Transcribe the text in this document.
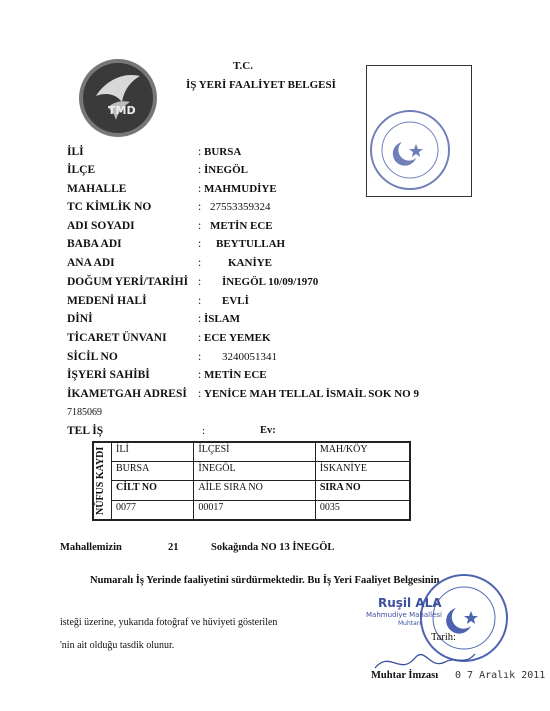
TMD
T.C.
İŞ YERİ FAALİYET BELGESİ
İLİ	: BURSA
İLÇE	: İNEGÖL
MAHALLE	: MAHMUDİYE
TC KİMLİK NO	: 27553359324
ADI SOYADI	: METİN ECE
BABA ADI	: BEYTULLAH
ANA ADI	: KANİYE
DOĞUM YERİ/TARİHİ : İNEGÖL 10/09/1970
MEDENİ HALİ	: EVLİ
DİNİ	: İSLAM
TİCARET ÜNVANI	: ECE YEMEK
SİCİL NO	: 3240051341
İŞYERİ SAHİBİ	: METİN ECE
İKAMETGAH ADRESİ : YENİCE MAH TELLAL İSMAİL SOK NO 9
7185069
TEL İŞ	:	Ev:
NÜFUS KAYDI	İLİ	İLÇESİ	MAH/KÖY
	BURSA	İNEGÖL	İSKANİYE
	CİLT NO	AİLE SIRA NO	SIRA NO
	0077	00017	0035
Mahallemizin	21	Sokağında NO 13 İNEGÖL
Numaralı İş Yerinde faaliyetini sürdürmektedir. Bu İş Yeri Faaliyet Belgesinin
isteği üzerine, yukarıda fotoğraf ve hüviyeti gösterilen
'nin ait olduğu tasdik olunur.
Ruşil ALA
Mahmudiye Mahallesi
Muhtarı
Tarih:
Muhtar İmzası 0 7 Aralık 2011
